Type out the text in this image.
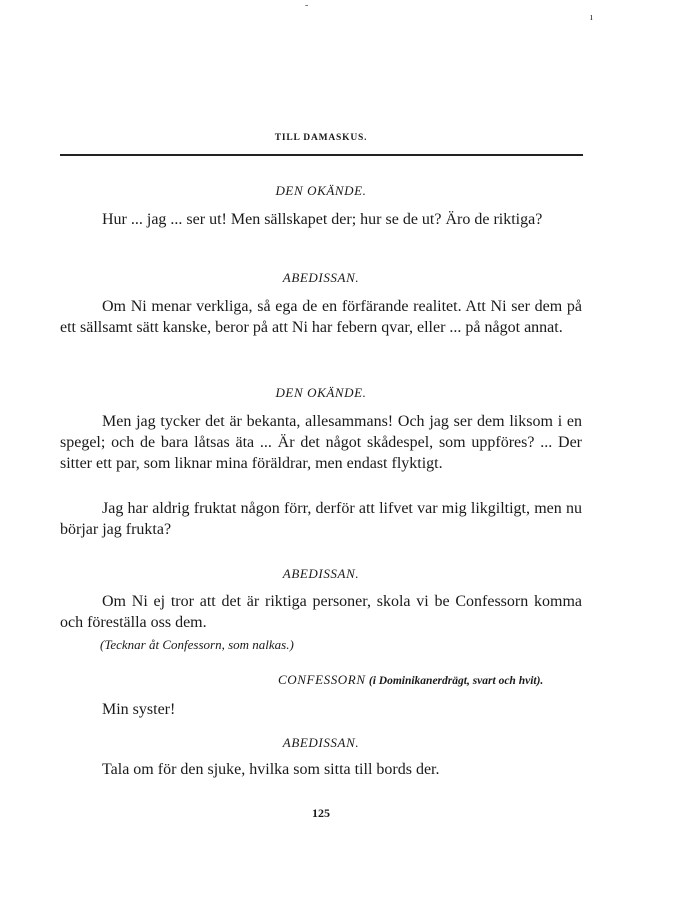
-
ı
TILL DAMASKUS.
DEN OKÄNDE.

Hur ... jag ... ser ut! Men sällskapet der; hur se de ut? Äro de riktiga?

ABEDISSAN.

Om Ni menar verkliga, så ega de en förfärande realitet. Att Ni ser dem på ett sällsamt sätt kanske, beror på att Ni har febern qvar, eller ... på något annat.

DEN OKÄNDE.

Men jag tycker det är bekanta, allesammans! Och jag ser dem liksom i en spegel; och de bara låtsas äta ... Är det något skådespel, som uppföres? ... Der sitter ett par, som liknar mina föräldrar, men endast flyktigt.

Jag har aldrig fruktat någon förr, derför att lifvet var mig likgiltigt, men nu börjar jag frukta?

ABEDISSAN.

Om Ni ej tror att det är riktiga personer, skola vi be Confessorn komma och föreställa oss dem.

(Tecknar åt Confessorn, som nalkas.)
CONFESSORN (i Dominikanerdrägt, svart och hvit).

Min syster!

ABEDISSAN.

Tala om för den sjuke, hvilka som sitta till bords der.

125
